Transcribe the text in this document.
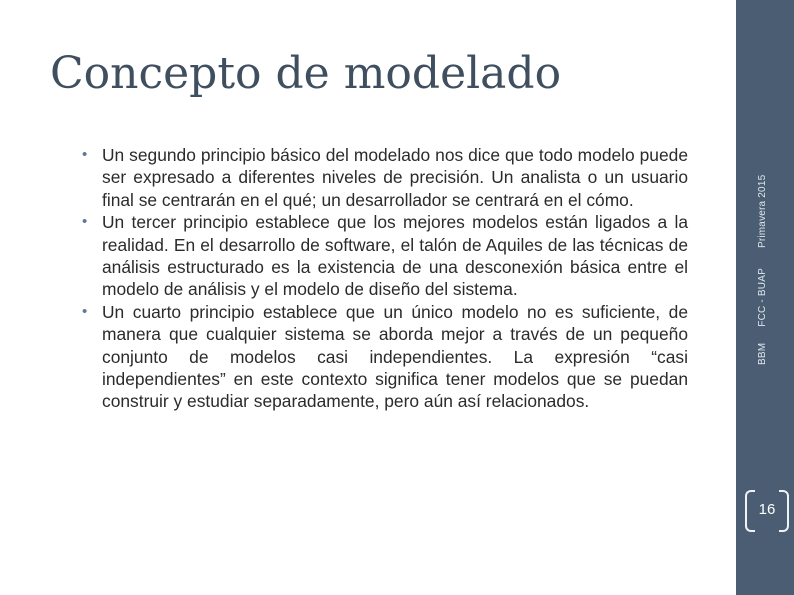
Concepto de modelado
• Un segundo principio básico del modelado nos dice que todo modelo puede ser expresado a diferentes niveles de precisión. Un analista o un usuario final se centrarán en el qué; un desarrollador se centrará en el cómo.
• Un tercer principio establece que los mejores modelos están ligados a la realidad. En el desarrollo de software, el talón de Aquiles de las técnicas de análisis estructurado es la existencia de una desconexión básica entre el modelo de análisis y el modelo de diseño del sistema.
• Un cuarto principio establece que un único modelo no es suficiente, de manera que cualquier sistema se aborda mejor a través de un pequeño conjunto de modelos casi independientes. La expresión “casi independientes” en este contexto significa tener modelos que se puedan construir y estudiar separadamente, pero aún así relacionados.
BBMFCC - BUAPPrimavera 2015
16
